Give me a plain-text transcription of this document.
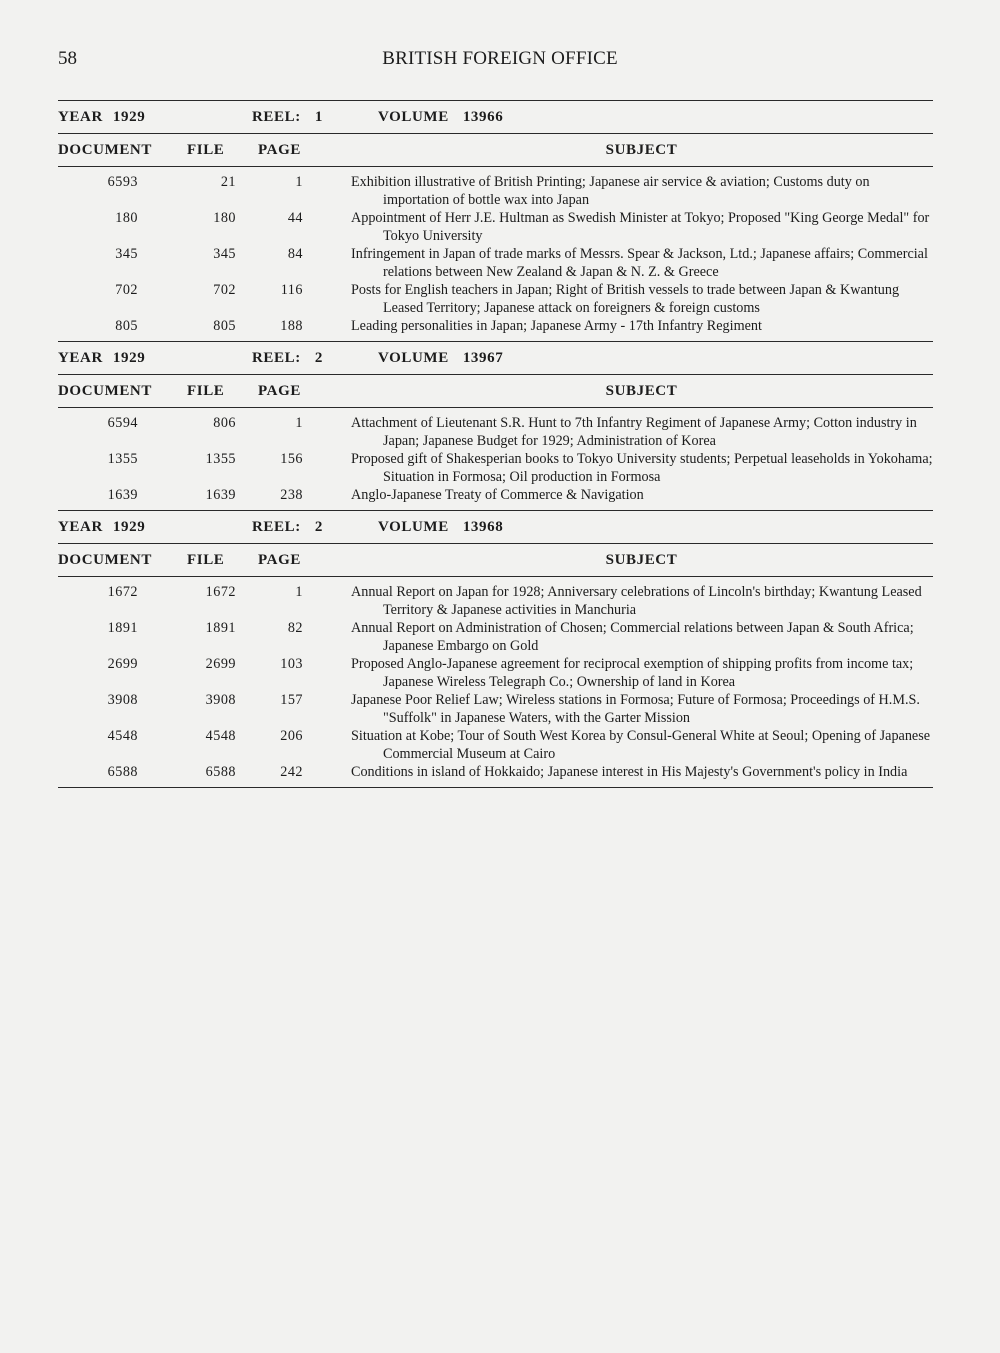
58	BRITISH FOREIGN OFFICE
YEAR 1929	REEL: 1	VOLUME 13966
DOCUMENT	FILE	PAGE	SUBJECT
6593	21	1	Exhibition illustrative of British Printing; Japanese air service & aviation; Customs duty on importation of bottle wax into Japan
180	180	44	Appointment of Herr J.E. Hultman as Swedish Minister at Tokyo; Proposed "King George Medal" for Tokyo University
345	345	84	Infringement in Japan of trade marks of Messrs. Spear & Jackson, Ltd.; Japanese affairs; Commercial relations between New Zealand & Japan & N. Z. & Greece
702	702	116	Posts for English teachers in Japan; Right of British vessels to trade between Japan & Kwantung Leased Territory; Japanese attack on foreigners & foreign customs
805	805	188	Leading personalities in Japan; Japanese Army - 17th Infantry Regiment
YEAR 1929	REEL: 2	VOLUME 13967
DOCUMENT	FILE	PAGE	SUBJECT
6594	806	1	Attachment of Lieutenant S.R. Hunt to 7th Infantry Regiment of Japanese Army; Cotton industry in Japan; Japanese Budget for 1929; Administration of Korea
1355	1355	156	Proposed gift of Shakesperian books to Tokyo University students; Perpetual leaseholds in Yokohama; Situation in Formosa; Oil production in Formosa
1639	1639	238	Anglo-Japanese Treaty of Commerce & Navigation
YEAR 1929	REEL: 2	VOLUME 13968
DOCUMENT	FILE	PAGE	SUBJECT
1672	1672	1	Annual Report on Japan for 1928; Anniversary celebrations of Lincoln's birthday; Kwantung Leased Territory & Japanese activities in Manchuria
1891	1891	82	Annual Report on Administration of Chosen; Commercial relations between Japan & South Africa; Japanese Embargo on Gold
2699	2699	103	Proposed Anglo-Japanese agreement for reciprocal exemption of shipping profits from income tax; Japanese Wireless Telegraph Co.; Ownership of land in Korea
3908	3908	157	Japanese Poor Relief Law; Wireless stations in Formosa; Future of Formosa; Proceedings of H.M.S. "Suffolk" in Japanese Waters, with the Garter Mission
4548	4548	206	Situation at Kobe; Tour of South West Korea by Consul-General White at Seoul; Opening of Japanese Commercial Museum at Cairo
6588	6588	242	Conditions in island of Hokkaido; Japanese interest in His Majesty's Government's policy in India
